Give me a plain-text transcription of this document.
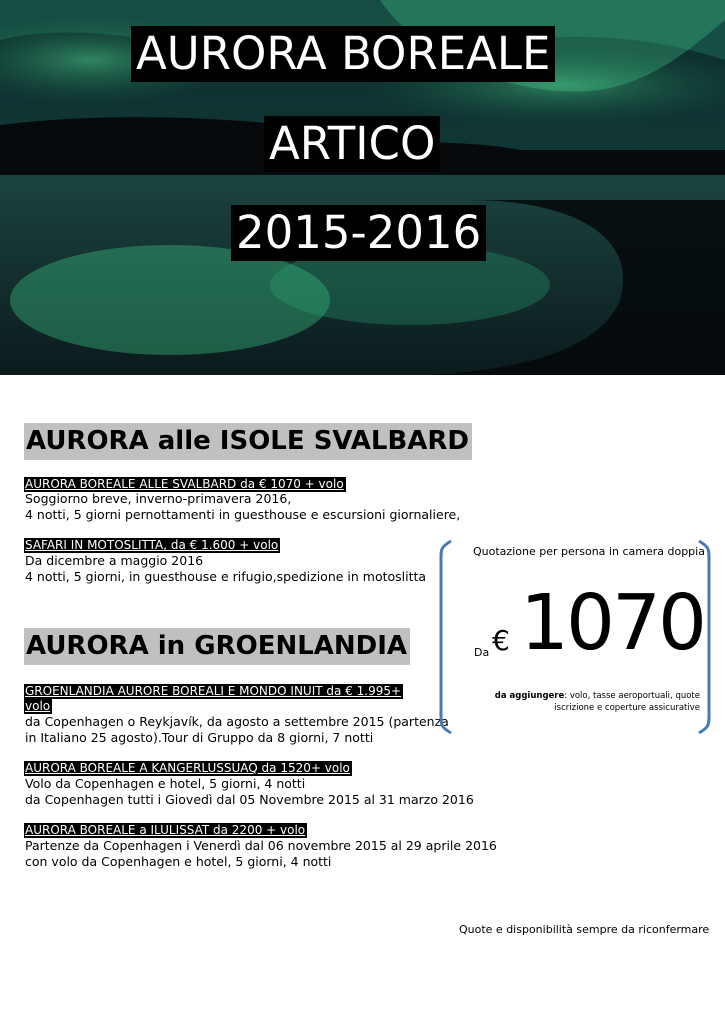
AURORA BOREALE
ARTICO
2015-2016
AURORA alle ISOLE SVALBARD
AURORA BOREALE ALLE SVALBARD da € 1070 + volo
Soggiorno breve, inverno-primavera 2016,
4 notti, 5 giorni pernottamenti in guesthouse e escursioni giornaliere,
SAFARI IN MOTOSLITTA, da € 1.600 + volo
Da dicembre a maggio 2016
4 notti, 5 giorni, in guesthouse e rifugio,spedizione in motoslitta
AURORA in GROENLANDIA
GROENLANDIA AURORE BOREALI E MONDO INUIT da € 1.995+
volo
da Copenhagen o Reykjavík, da agosto a settembre 2015 (partenza
in Italiano 25 agosto).Tour di Gruppo da 8 giorni, 7 notti
AURORA BOREALE A KANGERLUSSUAQ da 1520+ volo
Volo da Copenhagen e hotel, 5 giorni, 4 notti
da Copenhagen tutti i Giovedì dal 05 Novembre 2015 al 31 marzo 2016
AURORA BOREALE a ILULISSAT da 2200 + volo
Partenze da Copenhagen i Venerdì dal 06 novembre 2015 al 29 aprile 2016
con volo da Copenhagen e hotel, 5 giorni, 4 notti
Quotazione per persona in camera doppia
Da € 1070
da aggiungere: volo, tasse aeroportuali, quote iscrizione e coperture assicurative
Quote e disponibilità sempre da riconfermare
